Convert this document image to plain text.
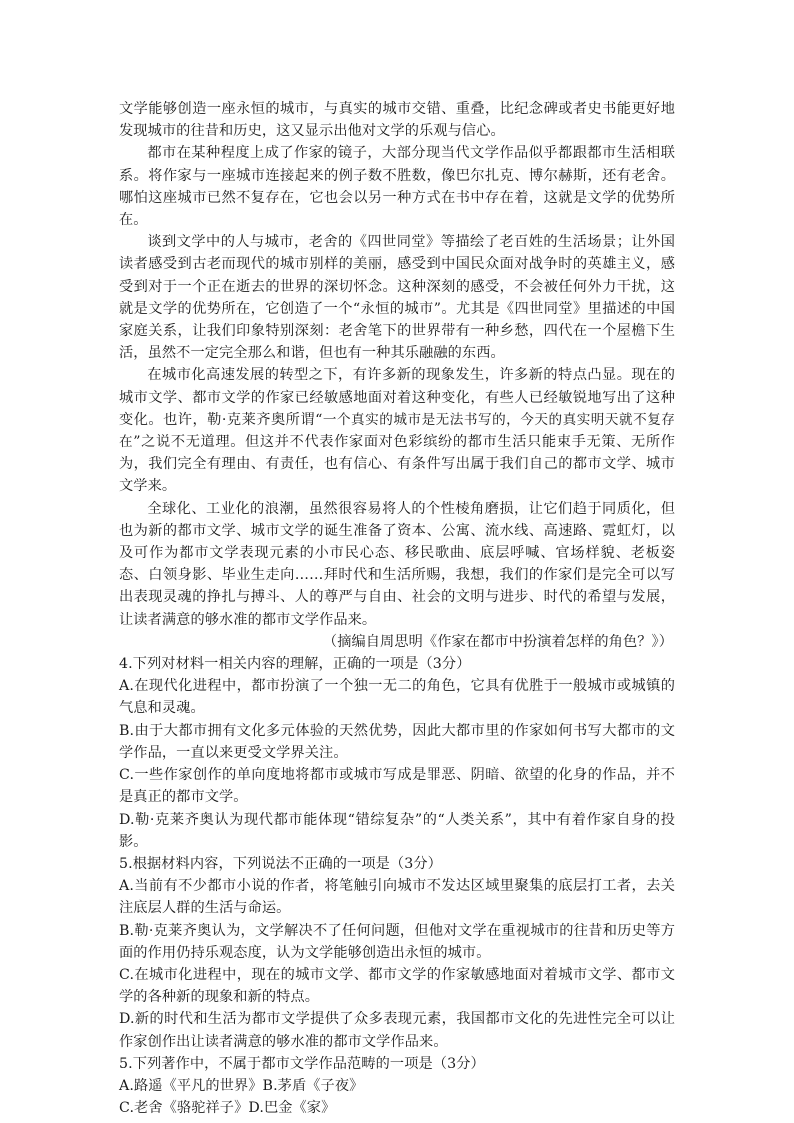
文学能够创造一座永恒的城市，与真实的城市交错、重叠，比纪念碑或者史书能更好地发现城市的往昔和历史，这又显示出他对文学的乐观与信心。

都市在某种程度上成了作家的镜子，大部分现当代文学作品似乎都跟都市生活相联系。将作家与一座城市连接起来的例子数不胜数，像巴尔扎克、博尔赫斯，还有老舍。哪怕这座城市已然不复存在，它也会以另一种方式在书中存在着，这就是文学的优势所在。

谈到文学中的人与城市，老舍的《四世同堂》等描绘了老百姓的生活场景；让外国读者感受到古老而现代的城市别样的美丽，感受到中国民众面对战争时的英雄主义，感受到对于一个正在逝去的世界的深切怀念。这种深刻的感受，不会被任何外力干扰，这就是文学的优势所在，它创造了一个“永恒的城市”。尤其是《四世同堂》里描述的中国家庭关系，让我们印象特别深刻：老舍笔下的世界带有一种乡愁，四代在一个屋檐下生活，虽然不一定完全那么和谐，但也有一种其乐融融的东西。

在城市化高速发展的转型之下，有许多新的现象发生，许多新的特点凸显。现在的城市文学、都市文学的作家已经敏感地面对着这种变化，有些人已经敏锐地写出了这种变化。也许，勒·克莱齐奥所谓“一个真实的城市是无法书写的，今天的真实明天就不复存在”之说不无道理。但这并不代表作家面对色彩缤纷的都市生活只能束手无策、无所作为，我们完全有理由、有责任，也有信心、有条件写出属于我们自己的都市文学、城市文学来。

全球化、工业化的浪潮，虽然很容易将人的个性棱角磨损，让它们趋于同质化，但也为新的都市文学、城市文学的诞生准备了资本、公寓、流水线、高速路、霓虹灯，以及可作为都市文学表现元素的小市民心态、移民歌曲、底层呼喊、官场样貌、老板姿态、白领身影、毕业生走向……拜时代和生活所赐，我想，我们的作家们是完全可以写出表现灵魂的挣扎与搏斗、人的尊严与自由、社会的文明与进步、时代的希望与发展，让读者满意的够水准的都市文学作品来。

（摘编自周思明《作家在都市中扮演着怎样的角色？》）

4.下列对材料一相关内容的理解，正确的一项是（3分）

A.在现代化进程中，都市扮演了一个独一无二的角色，它具有优胜于一般城市或城镇的气息和灵魂。

B.由于大都市拥有文化多元体验的天然优势，因此大都市里的作家如何书写大都市的文学作品，一直以来更受文学界关注。

C.一些作家创作的单向度地将都市或城市写成是罪恶、阴暗、欲望的化身的作品，并不是真正的都市文学。

D.勒·克莱齐奥认为现代都市能体现“错综复杂”的“人类关系”，其中有着作家自身的投影。

5.根据材料内容，下列说法不正确的一项是（3分）

A.当前有不少都市小说的作者，将笔触引向城市不发达区域里聚集的底层打工者，去关注底层人群的生活与命运。

B.勒·克莱齐奥认为，文学解决不了任何问题，但他对文学在重视城市的往昔和历史等方面的作用仍持乐观态度，认为文学能够创造出永恒的城市。

C.在城市化进程中，现在的城市文学、都市文学的作家敏感地面对着城市文学、都市文学的各种新的现象和新的特点。

D.新的时代和生活为都市文学提供了众多表现元素，我国都市文化的先进性完全可以让作家创作出让读者满意的够水准的都市文学作品来。

5.下列著作中，不属于都市文学作品范畴的一项是（3分）

A.路遥《平凡的世界》B.茅盾《子夜》

C.老舍《骆驼祥子》D.巴金《家》
